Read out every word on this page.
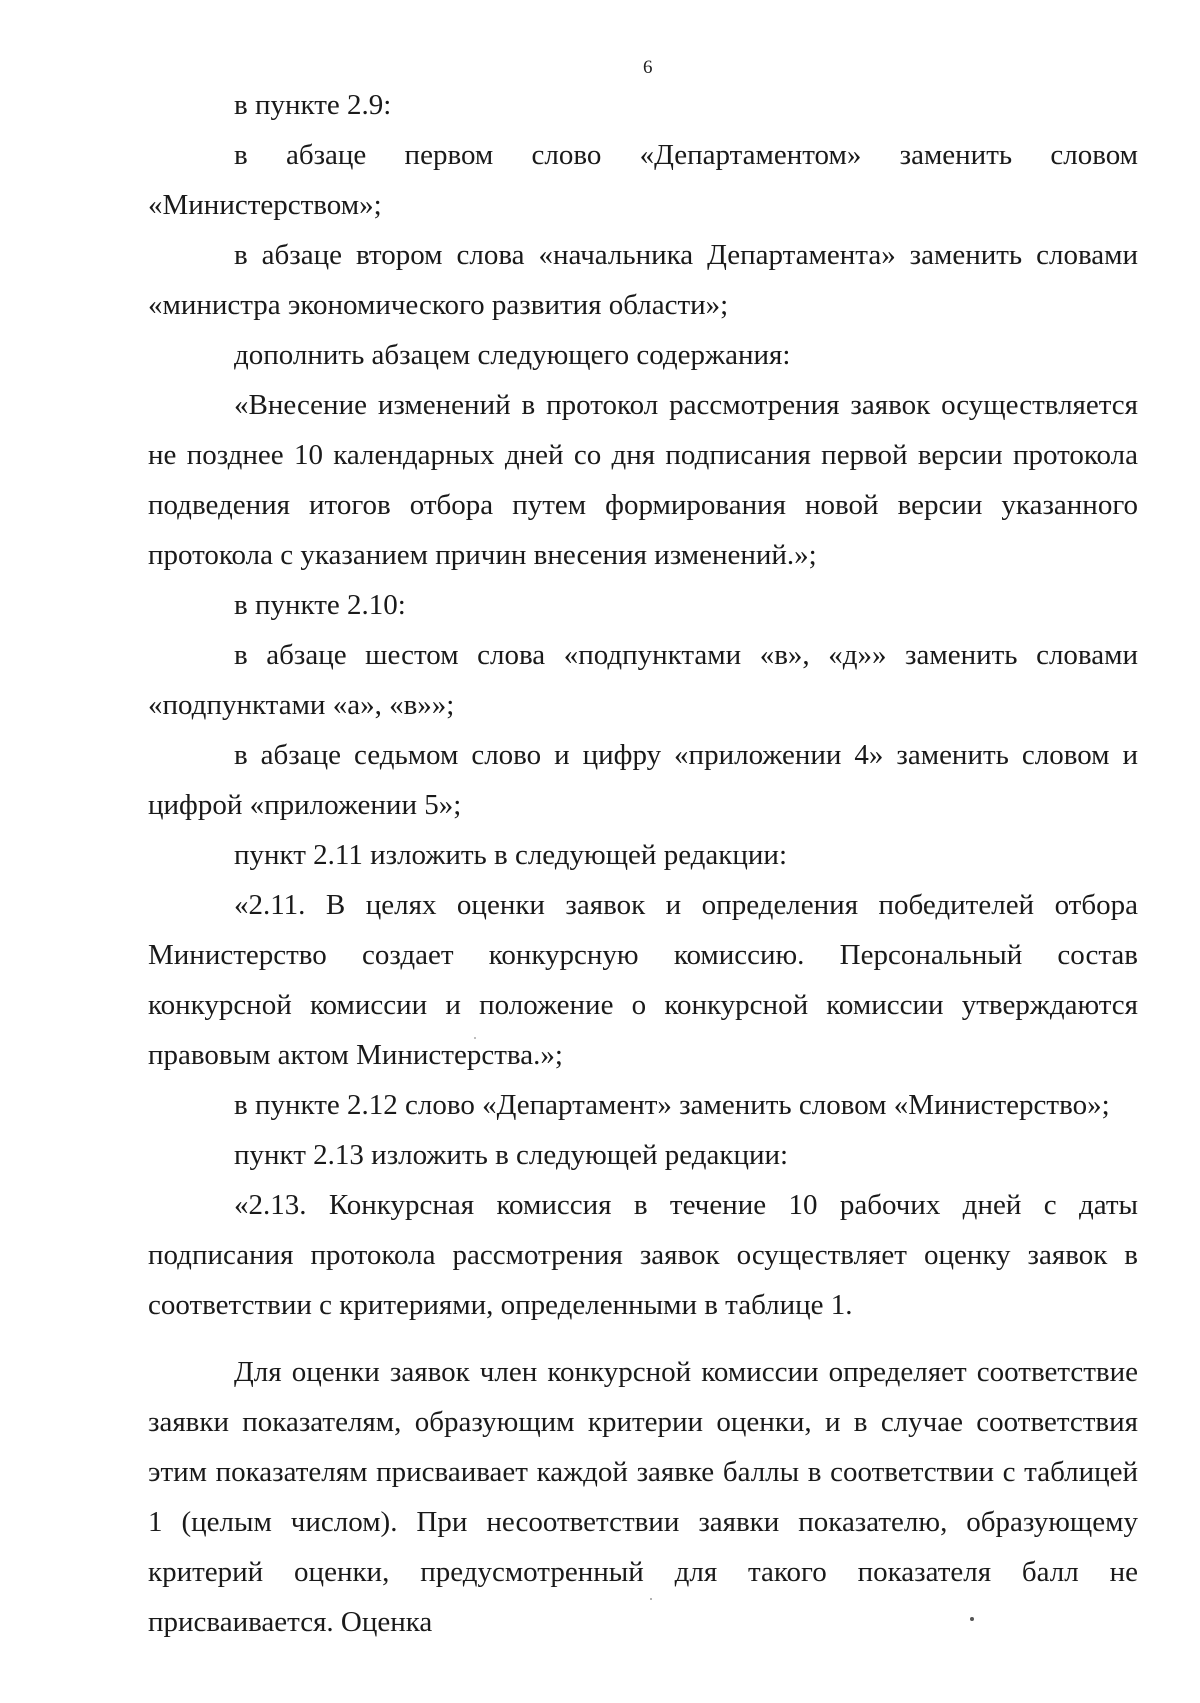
6

в пункте 2.9:

в абзаце первом слово «Департаментом» заменить словом «Министерством»;

в абзаце втором слова «начальника Департамента» заменить словами «министра экономического развития области»;

дополнить абзацем следующего содержания:

«Внесение изменений в протокол рассмотрения заявок осуществляется не позднее 10 календарных дней со дня подписания первой версии протокола подведения итогов отбора путем формирования новой версии указанного протокола с указанием причин внесения изменений.»;

в пункте 2.10:

в абзаце шестом слова «подпунктами «в», «д»» заменить словами «подпунктами «а», «в»»;

в абзаце седьмом слово и цифру «приложении 4» заменить словом и цифрой «приложении 5»;

пункт 2.11 изложить в следующей редакции:

«2.11. В целях оценки заявок и определения победителей отбора Министерство создает конкурсную комиссию. Персональный состав конкурсной комиссии и положение о конкурсной комиссии утверждаются правовым актом Министерства.»;

в пункте 2.12 слово «Департамент» заменить словом «Министерство»;

пункт 2.13 изложить в следующей редакции:

«2.13. Конкурсная комиссия в течение 10 рабочих дней с даты подписания протокола рассмотрения заявок осуществляет оценку заявок в соответствии с критериями, определенными в таблице 1.

Для оценки заявок член конкурсной комиссии определяет соответствие заявки показателям, образующим критерии оценки, и в случае соответствия этим показателям присваивает каждой заявке баллы в соответствии с таблицей 1 (целым числом). При несоответствии заявки показателю, образующему критерий оценки, предусмотренный для такого показателя балл не присваивается. Оценка
